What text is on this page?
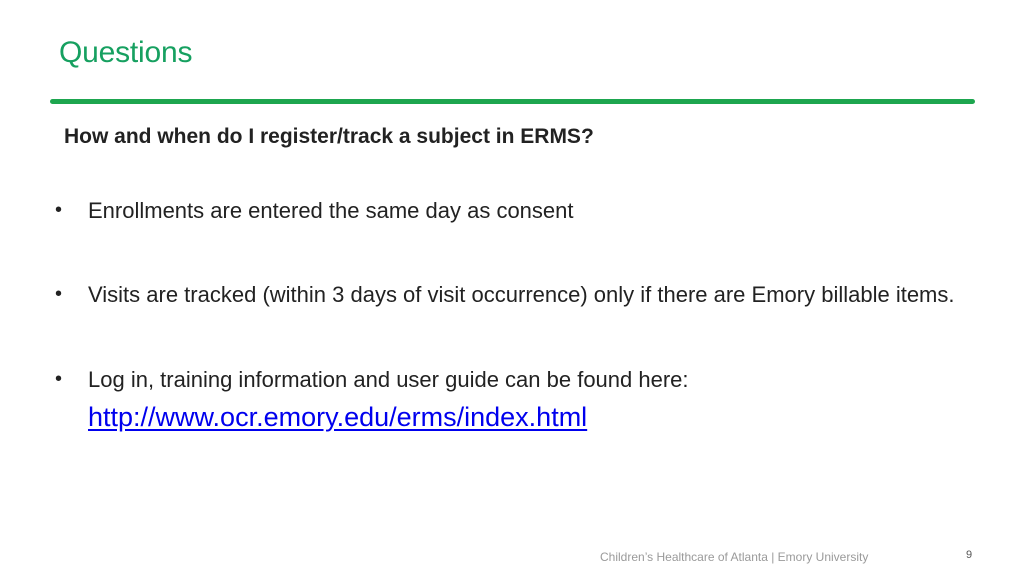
Questions
How and when do I register/track a subject in ERMS?
• Enrollments are entered the same day as consent
• Visits are tracked (within 3 days of visit occurrence) only if there are Emory billable items.
• Log in, training information and user guide can be found here:
http://www.ocr.emory.edu/erms/index.html
Children’s Healthcare of Atlanta | Emory University	9
